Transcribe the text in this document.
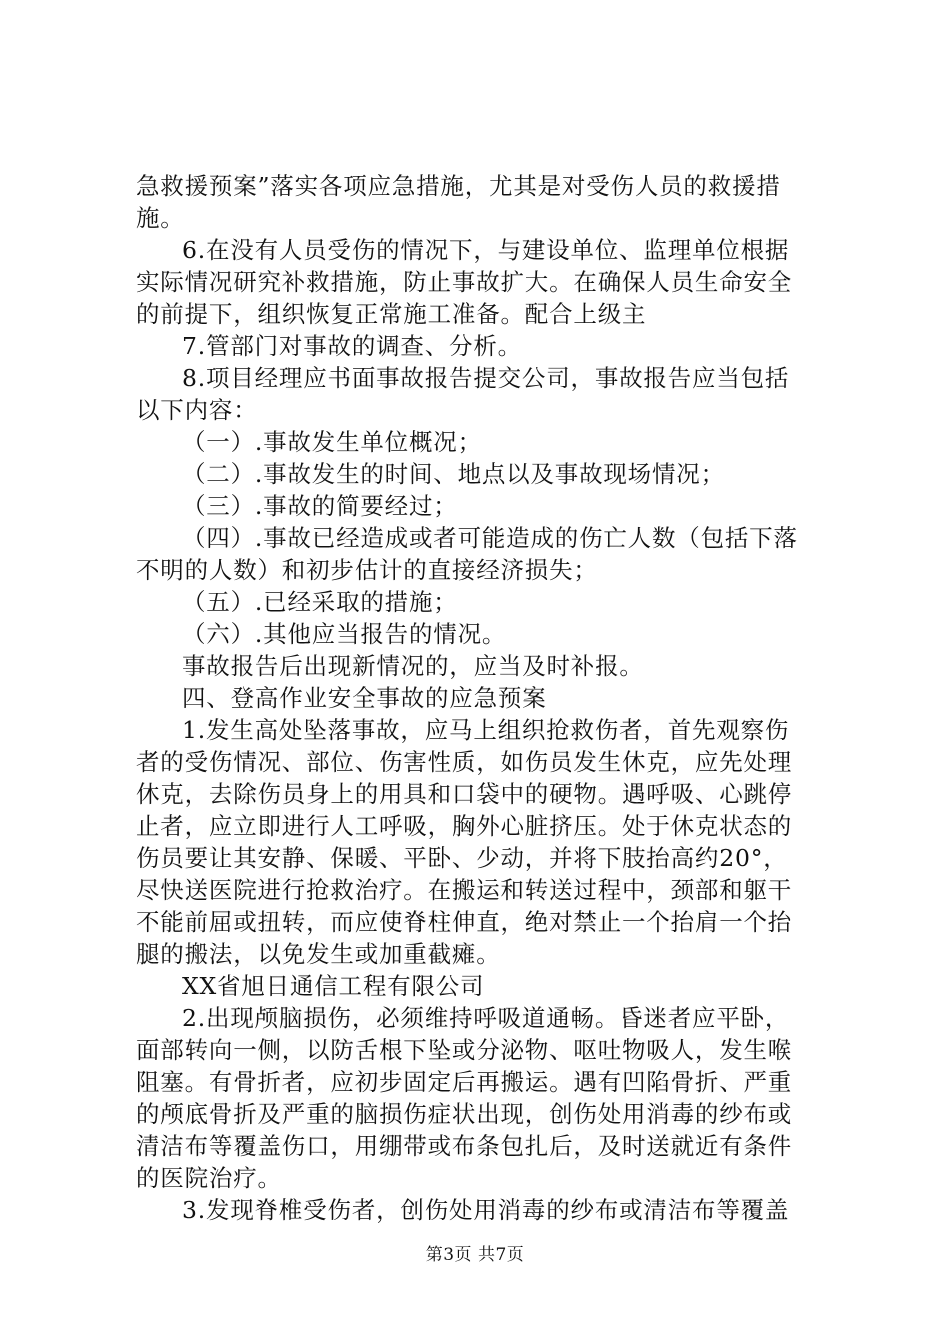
急救援预案”落实各项应急措施，尤其是对受伤人员的救援措
施。
6.在没有人员受伤的情况下，与建设单位、监理单位根据
实际情况研究补救措施，防止事故扩大。在确保人员生命安全
的前提下，组织恢复正常施工准备。配合上级主
7.管部门对事故的调查、分析。
8.项目经理应书面事故报告提交公司，事故报告应当包括
以下内容：
（一）.事故发生单位概况；
（二）.事故发生的时间、地点以及事故现场情况；
（三）.事故的简要经过；
（四）.事故已经造成或者可能造成的伤亡人数（包括下落
不明的人数）和初步估计的直接经济损失；
（五）.已经采取的措施；
（六）.其他应当报告的情况。
事故报告后出现新情况的，应当及时补报。
四、登高作业安全事故的应急预案
1.发生高处坠落事故，应马上组织抢救伤者，首先观察伤
者的受伤情况、部位、伤害性质，如伤员发生休克，应先处理
休克，去除伤员身上的用具和口袋中的硬物。遇呼吸、心跳停
止者，应立即进行人工呼吸，胸外心脏挤压。处于休克状态的
伤员要让其安静、保暖、平卧、少动，并将下肢抬高约20°，
尽快送医院进行抢救治疗。在搬运和转送过程中，颈部和躯干
不能前屈或扭转，而应使脊柱伸直，绝对禁止一个抬肩一个抬
腿的搬法，以免发生或加重截瘫。
XX省旭日通信工程有限公司
2.出现颅脑损伤，必须维持呼吸道通畅。昏迷者应平卧，
面部转向一侧，以防舌根下坠或分泌物、呕吐物吸人，发生喉
阻塞。有骨折者，应初步固定后再搬运。遇有凹陷骨折、严重
的颅底骨折及严重的脑损伤症状出现，创伤处用消毒的纱布或
清洁布等覆盖伤口，用绷带或布条包扎后，及时送就近有条件
的医院治疗。
3.发现脊椎受伤者，创伤处用消毒的纱布或清洁布等覆盖
第3页 共7页
